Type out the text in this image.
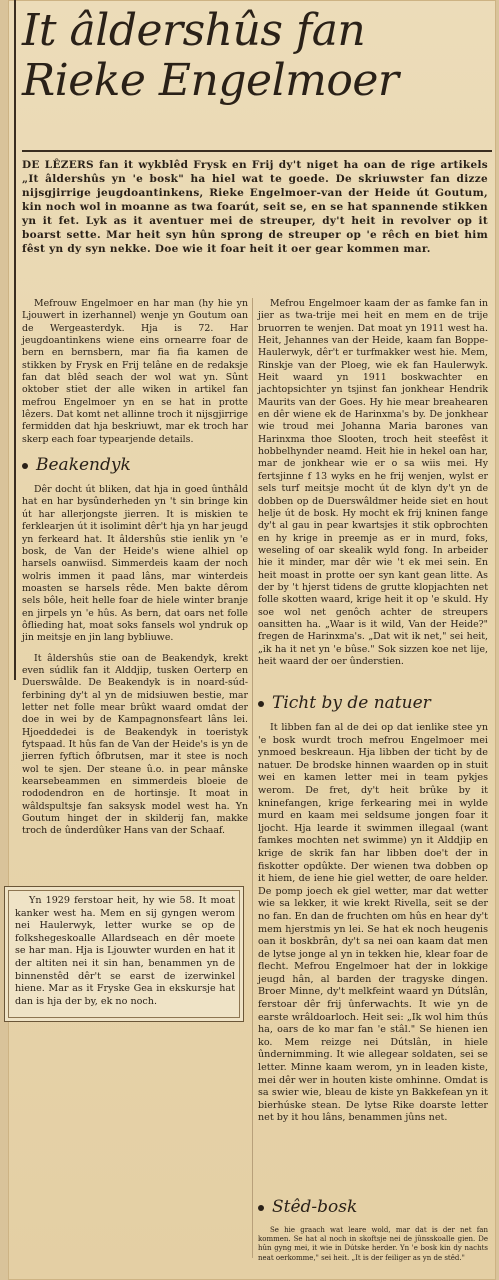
It âldershûs fan
Rieke Engelmoer
DE LÊZERS fan it wykblêd Frysk en Frij dy't niget ha oan de rige artikels „It âldershûs yn 'e bosk" ha hiel wat te goede. De skriuwster fan dizze nijsgjirrige jeugdoantinkens, Rieke Engelmoer-van der Heide út Goutum, kin noch wol in moanne as twa foarút, seit se, en se hat spannende stikken yn it fet. Lyk as it aventuer mei de streuper, dy't heit in revolver op it boarst sette. Mar heit syn hûn sprong de streuper op 'e rêch en biet him fêst yn dy syn nekke. Doe wie it foar heit it oer gear kommen mar.

Mefrouw Engelmoer en har man (hy hie yn Ljouwert in izerhannel) wenje yn Goutum oan de Wergeasterdyk. Hja is 72. Har jeugdoantinkens wiene eins ornearre foar de bern en bernsbern, mar fia fia kamen de stikken by Frysk en Frij telâne en de redaksje fan dat blêd seach der wol wat yn. Sûnt oktober stiet der alle wiken in artikel fan mefrou Engelmoer yn en se hat in protte lêzers. Dat komt net allinne troch it nijsgjirrige fermidden dat hja beskriuwt, mar ek troch har skerp each foar typearjende details.

Beakendyk

Dêr docht út bliken, dat hja in goed ûnthâld hat en har bysûnderheden yn 't sin bringe kin út har allerjongste jierren. It is miskien te ferklearjen út it isolimint dêr't hja yn har jeugd yn ferkeard hat. It âldershûs stie ienlik yn 'e bosk, de Van der Heide's wiene alhiel op harsels oanwiisd. Simmerdeis kaam der noch wolris immen it paad lâns, mar winterdeis moasten se harsels rêde. Men bakte dêrom sels bôle, heit helle foar de hiele winter branje en jirpels yn 'e hûs. As bern, dat oars net folle ôflieding hat, moat soks fansels wol yndruk op jin meitsje en jin lang bybliuwe.

It âldershûs stie oan de Beakendyk, krekt even súdlik fan it Alddjip, tusken Oerterp en Duerswâlde. De Beakendyk is in noard-súd-ferbining dy't al yn de midsiuwen bestie, mar letter net folle mear brûkt waard omdat der doe in wei by de Kampagnonsfeart lâns lei. Hjoeddedei is de Beakendyk in toeristyk fytspaad. It hûs fan de Van der Heide's is yn de jierren fyftich ôfbrutsen, mar it stee is noch wol te sjen. Der steane û.o. in pear mânske kearsebeammen en simmerdeis bloeie de rododendron en de hortinsje. It moat in wâldspultsje fan saksysk model west ha. Yn Goutum hinget der in skilderij fan, makke troch de ûnderdûker Hans van der Schaaf.

Yn 1929 ferstoar heit, hy wie 58. It moat kanker west ha. Mem en sij gyngen werom nei Haulerwyk, letter wurke se op de folkshegeskoalle Allardseach en dêr moete se har man. Hja is Ljouwter wurden en hat it der altiten nei it sin han, benammen yn de binnenstêd dêr't se earst de izerwinkel hiene. Mar as it Fryske Gea in ekskursje hat dan is hja der by, ek no noch.

Mefrou Engelmoer kaam der as famke fan in jier as twa-trije mei heit en mem en de trije bruorren te wenjen. Dat moat yn 1911 west ha. Heit, Jehannes van der Heide, kaam fan Boppe-Haulerwyk, dêr't er turfmakker west hie. Mem, Rinskje van der Ploeg, wie ek fan Haulerwyk. Heit waard yn 1911 boskwachter en jachtopsichter yn tsjinst fan jonkhear Hendrik Maurits van der Goes. Hy hie mear breahearen en dêr wiene ek de Harinxma's by. De jonkhear wie troud mei Johanna Maria barones van Harinxma thoe Slooten, troch heit steefêst it hobbelhynder neamd. Heit hie in hekel oan har, mar de jonkhear wie er o sa wiis mei. Hy fertsjinne f 13 wyks en he frij wenjen, wylst er sels turf meitsje mocht út de klyn dy't yn de dobben op de Duerswâldmer heide siet en hout helje út de bosk. Hy mocht ek frij kninen fange dy't al gau in pear kwartsjes it stik opbrochten en hy krige in preemje as er in murd, foks, weseling of oar skealik wyld fong. In arbeider hie it minder, mar dêr wie 't ek mei sein. En heit moast in protte oer syn kant gean litte. As der by 't hjerst tidens de grutte klopjachten net folle skotten waard, krige heit it op 'e skuld. Hy soe wol net genôch achter de streupers oansitten ha. „Waar is it wild, Van der Heide?" fregen de Harinxma's. „Dat wit ik net," sei heit, „ik ha it net yn 'e bûse." Sok sizzen koe net lije, heit waard der oer ûnderstien.

Ticht by de natuer

It libben fan al de dei op dat ienlike stee yn 'e bosk wurdt troch mefrou Engelmoer mei ynmoed beskreaun. Hja libben der ticht by de natuer. De brodske hinnen waarden op in stuit wei en kamen letter mei in team pykjes werom. De fret, dy't heit brûke by it kninefangen, krige ferkearing mei in wylde murd en kaam mei seldsume jongen foar it ljocht. Hja learde it swimmen illegaal (want famkes mochten net swimme) yn it Alddjip en krige de skrik fan har libben doe't der in fiskotter opdûkte. Der wienen twa dobben op it hiem, de iene hie giel wetter, de oare helder. De pomp joech ek giel wetter, mar dat wetter wie sa lekker, it wie krekt Rivella, seit se der no fan. En dan de fruchten om hûs en hear dy't mem hjerstmis yn lei. Se hat ek noch heugenis oan it boskbrân, dy't sa nei oan kaam dat men de lytse jonge al yn in tekken hie, klear foar de flecht. Mefrou Engelmoer hat der in lokkige jeugd hân, al barden der tragyske dingen. Broer Minne, dy't melkfeint waard yn Dútslân, ferstoar dêr frij ûnferwachts. It wie yn de earste wrâldoarloch. Heit sei: „Ik wol him thús ha, oars de ko mar fan 'e stâl." Se hienen ien ko. Mem reizge nei Dútslân, in hiele ûndernimming. It wie allegear soldaten, sei se letter. Minne kaam werom, yn in leaden kiste, mei dêr wer in houten kiste omhinne. Omdat is sa swier wie, bleau de kiste yn Bakkefean yn it bierhúske stean. De lytse Rike doarste letter net by it hou lâns, benammen jûns net.

Stêd-bosk

Se hie graach wat leare wold, mar dat is der net fan kommen. Se hat al noch in skoftsje nei de jûnsskoalle gien. De hûn gyng mei, it wie in Dútske herder. Yn 'e bosk kin dy nachts neat oerkomme," sei heit. „It is der feiliger as yn de stêd."
